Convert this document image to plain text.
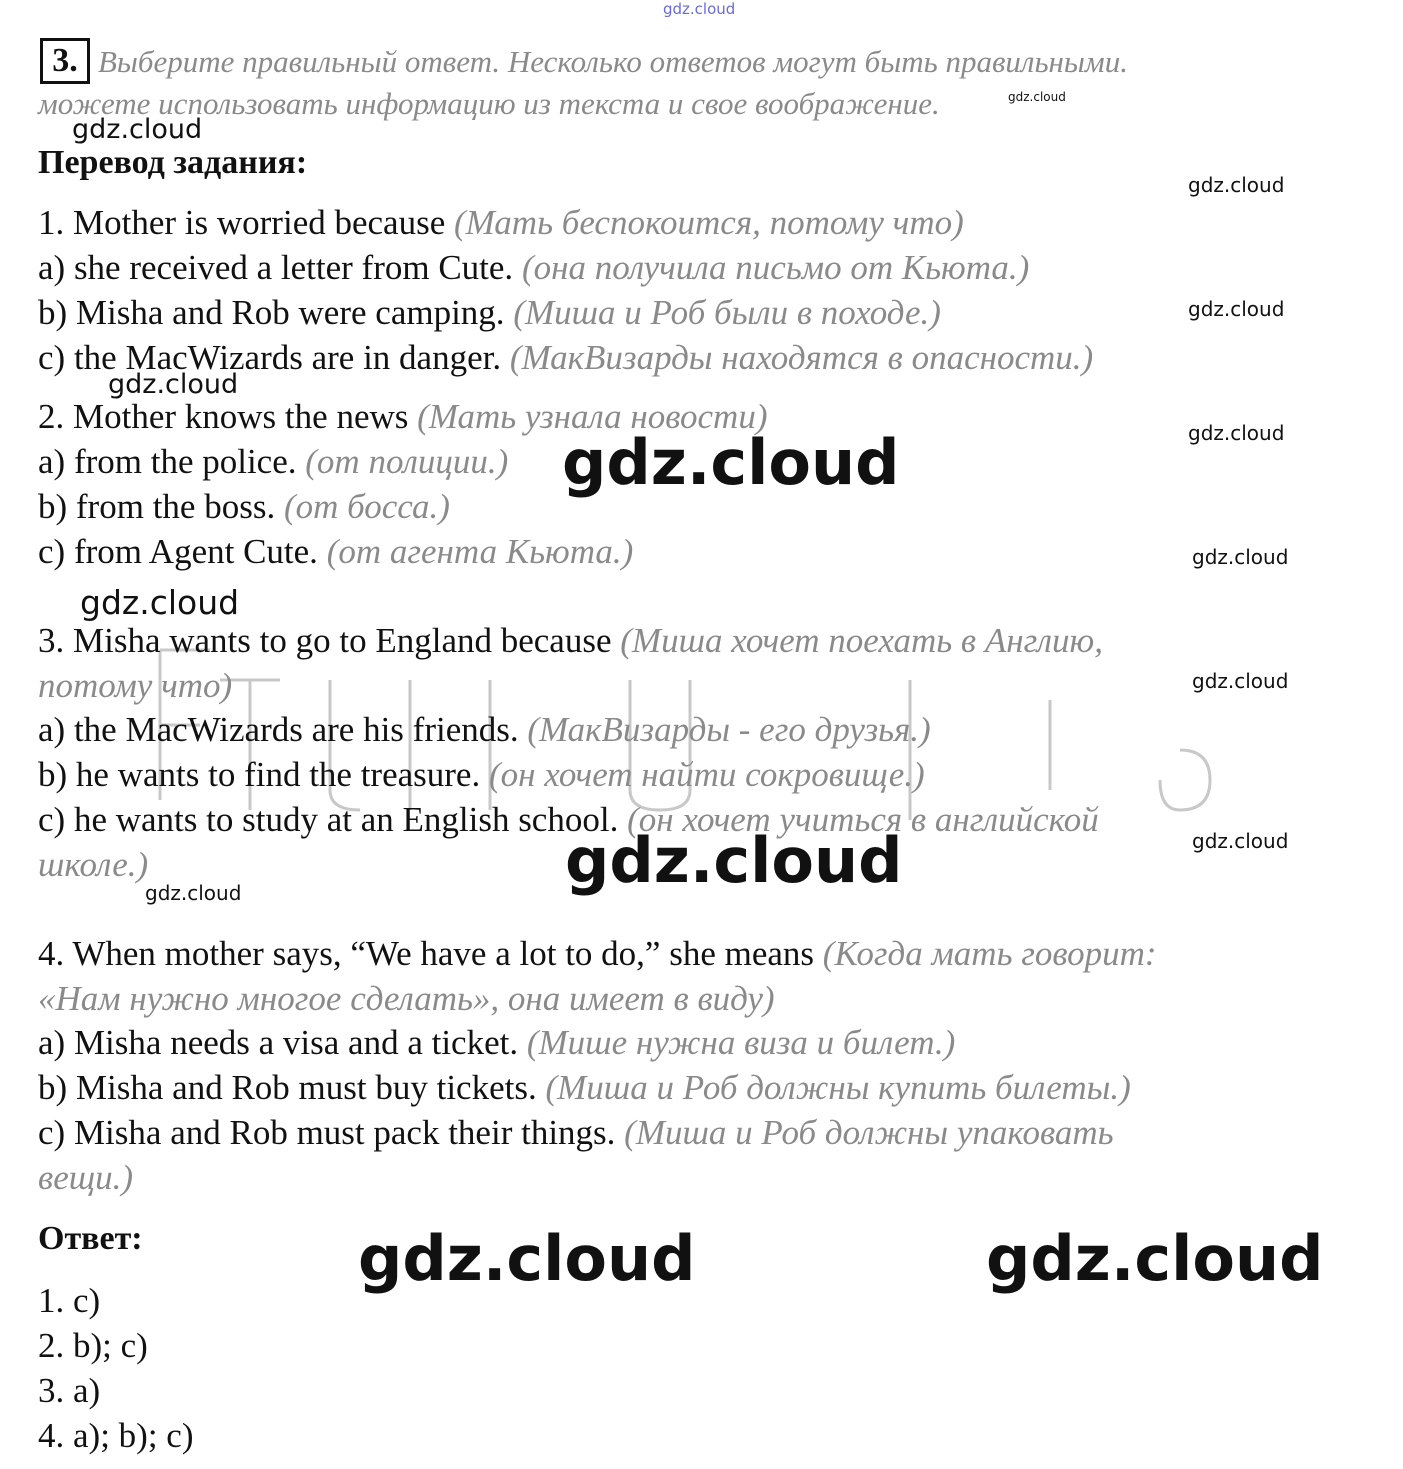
gdz.cloud
gdz.cloud
gdz.cloud
gdz.cloud
gdz.cloud
gdz.cloud
gdz.cloud
gdz.cloud
gdz.cloud
gdz.cloud
gdz.cloud
gdz.cloud
gdz.cloud
gdz.cloud
gdz.cloud	gdz.cloud
3. Выберите правильный ответ. Несколько ответов могут быть правильными.
можете использовать информацию из текста и свое воображение.
Перевод задания:
1. Mother is worried because (Мать беспокоится, потому что)
a) she received a letter from Cute. (она получила письмо от Кьюта.)
b) Misha and Rob were camping. (Миша и Роб были в походе.)
c) the MacWizards are in danger. (МакВизарды находятся в опасности.)
2. Mother knows the news (Мать узнала новости)
a) from the police. (от полиции.)
b) from the boss. (от босса.)
c) from Agent Cute. (от агента Кьюта.)
3. Misha wants to go to England because (Миша хочет поехать в Англию,
потому что)
a) the MacWizards are his friends. (МакВизарды - его друзья.)
b) he wants to find the treasure. (он хочет найти сокровище.)
c) he wants to study at an English school. (он хочет учиться в английской
школе.)
4. When mother says, “We have a lot to do,” she means (Когда мать говорит:
«Нам нужно многое сделать», она имеет в виду)
a) Misha needs a visa and a ticket. (Мише нужна виза и билет.)
b) Misha and Rob must buy tickets. (Миша и Роб должны купить билеты.)
c) Misha and Rob must pack their things. (Миша и Роб должны упаковать
вещи.)
Ответ:
1. c)
2. b); c)
3. a)
4. a); b); c)
